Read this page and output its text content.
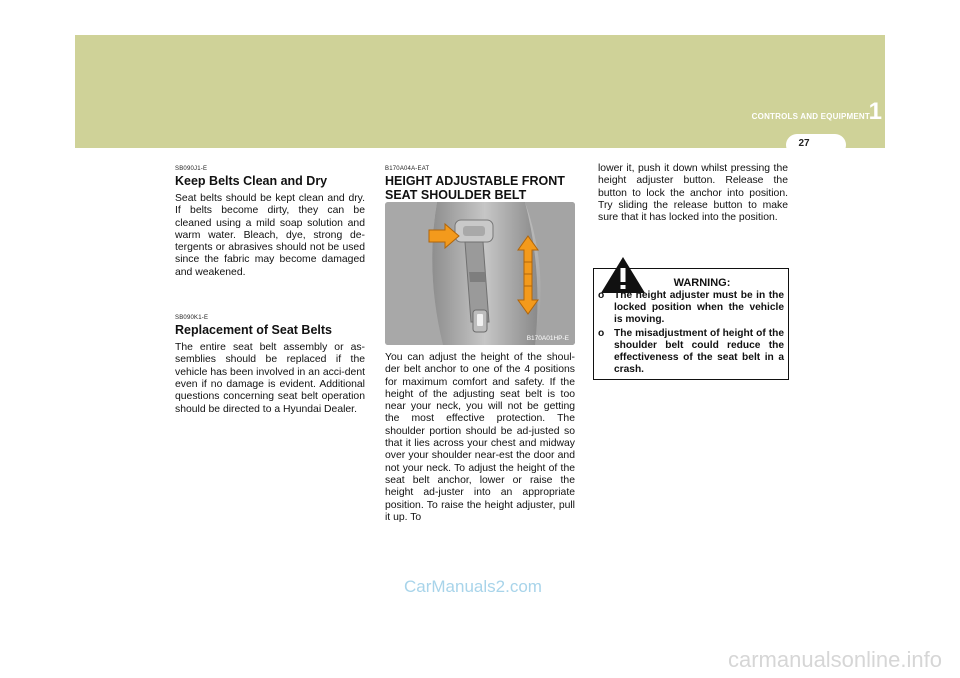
CONTROLS AND EQUIPMENT
1
27

SB090J1-E

Keep Belts Clean and Dry

Seat belts should be kept clean and dry. If belts become dirty, they can be cleaned using a mild soap solution and warm water. Bleach, dye, strong de-tergents or abrasives should not be used since the fabric may become damaged and weakened.

SB090K1-E

Replacement of Seat Belts

The entire seat belt assembly or as-semblies should be replaced if the vehicle has been involved in an acci-dent even if no damage is evident. Additional questions concerning seat belt operation should be directed to a Hyundai Dealer.

B170A04A-EAT

HEIGHT ADJUSTABLE FRONT SEAT SHOULDER BELT
B170A01HP-E

You can adjust the height of the shoul-der belt anchor to one of the 4 positions for maximum comfort and safety. If the height of the adjusting seat belt is too near your neck, you will not be getting the most effective protection. The shoulder portion should be ad-justed so that it lies across your chest and midway over your shoulder near-est the door and not your neck. To adjust the height of the seat belt anchor, lower or raise the height ad-juster into an appropriate position. To raise the height adjuster, pull it up. To

lower it, push it down whilst pressing the height adjuster button. Release the button to lock the anchor into position. Try sliding the release button to make sure that it has locked into the position.

WARNING:
o The height adjuster must be in the locked position when the vehicle is moving.
o The misadjustment of height of the shoulder belt could reduce the effectiveness of the seat belt in a crash.
CarManuals2.com
carmanualsonline.info
